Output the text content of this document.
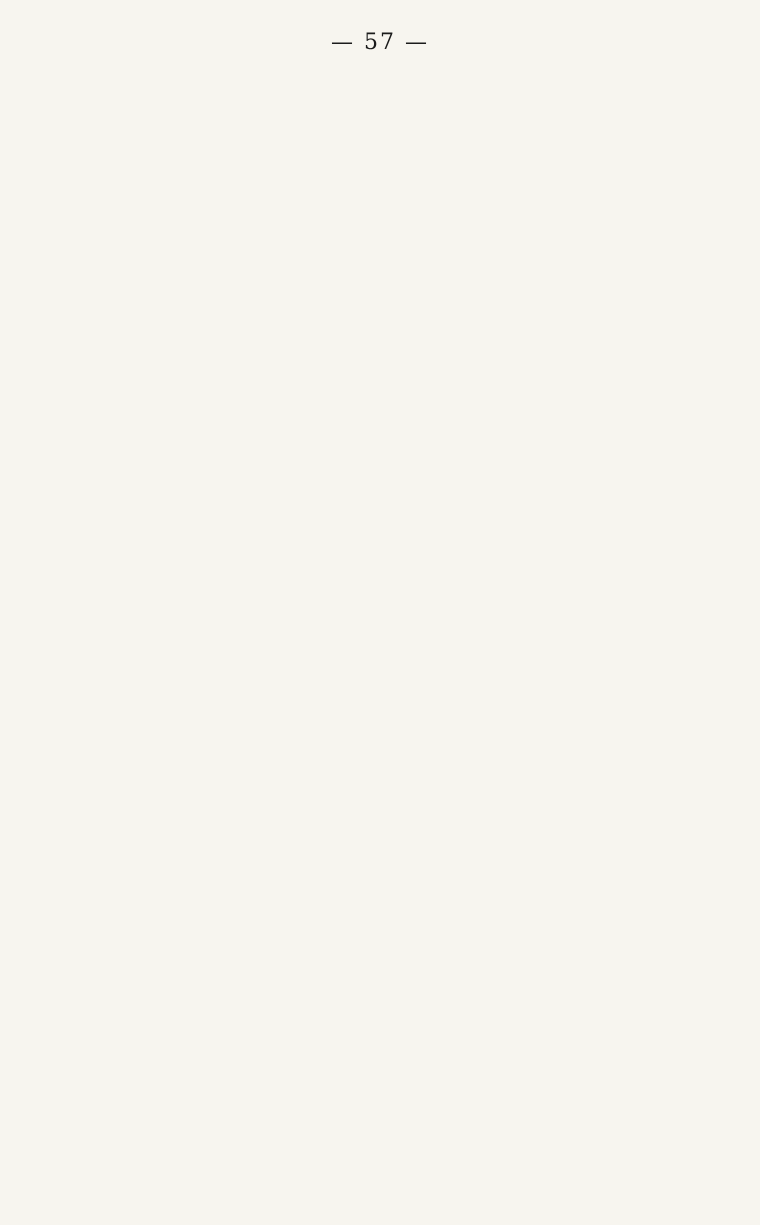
— 57 —
